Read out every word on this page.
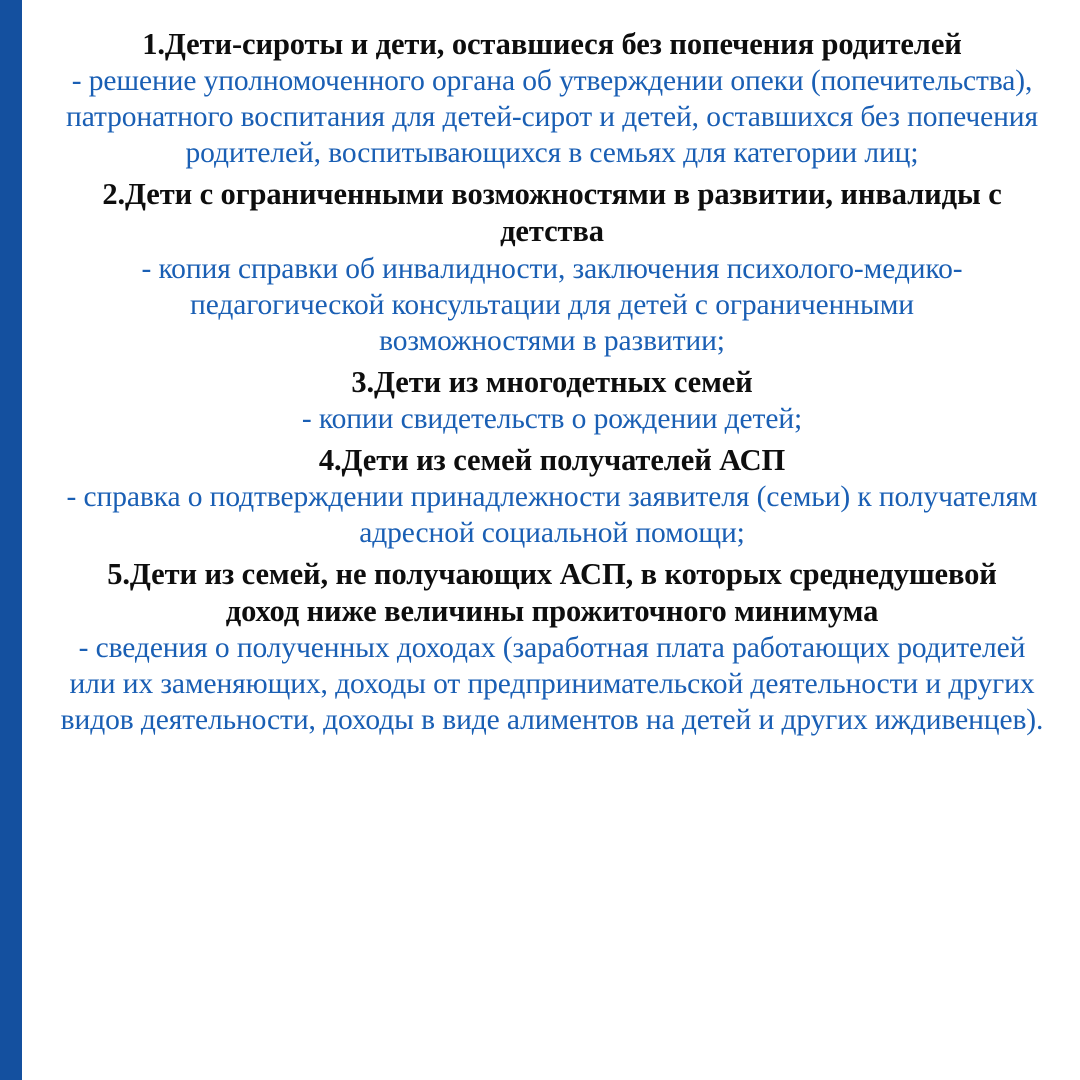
1.Дети-сироты и дети, оставшиеся без попечения родителей

- решение уполномоченного органа об утверждении опеки (попечительства), патронатного воспитания для детей-сирот и детей, оставшихся без попечения родителей, воспитывающихся в семьях для категории лиц;

2.Дети с ограниченными возможностями в развитии, инвалиды с детства

- копия справки об инвалидности, заключения психолого-медико-педагогической консультации для детей с ограниченными возможностями в развитии;

3.Дети из многодетных семей

- копии свидетельств о рождении детей;

4.Дети из семей получателей АСП

- справка о подтверждении принадлежности заявителя (семьи) к получателям адресной социальной помощи;

5.Дети из семей, не получающих АСП, в которых среднедушевой доход ниже величины прожиточного минимума

- сведения о полученных доходах (заработная плата работающих родителей или их заменяющих, доходы от предпринимательской деятельности и других видов деятельности, доходы в виде алиментов на детей и других иждивенцев).
